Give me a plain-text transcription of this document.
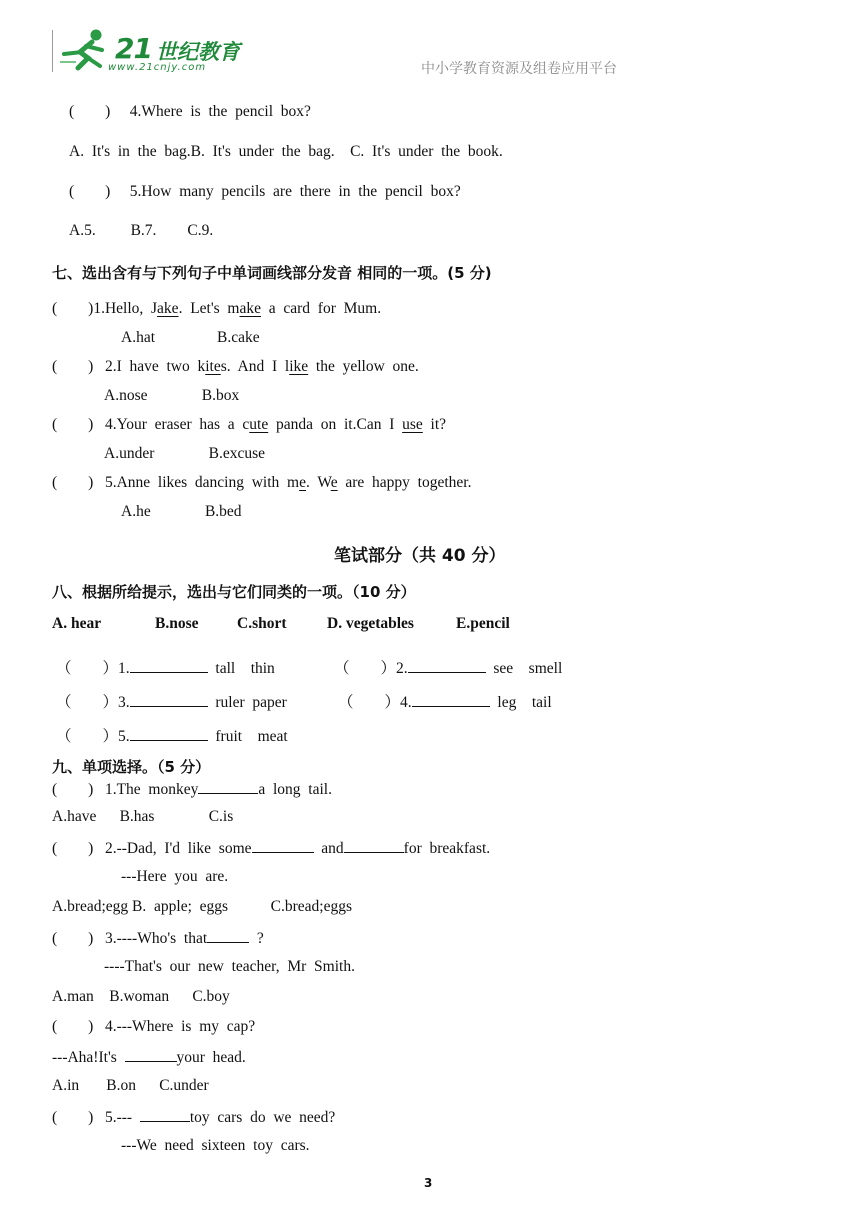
21 世纪教育
www.21cnjy.com	中小学教育资源及组卷应用平台
(        )     4.Where  is  the  pencil  box?
A.  It's  in  the  bag.B.  It's  under  the  bag.    C.  It's  under  the  book.
(        )     5.How  many  pencils  are  there  in  the  pencil  box?
A.5.         B.7.        C.9.
七、选出含有与下列句子中单词画线部分发音 相同的一项。(5 分)
(        )1.Hello,  Jake.  Let's  make  a  card  for  Mum.
A.hat                B.cake
(        )   2.I  have  two  kites.  And  I  like  the  yellow  one.
A.nose              B.box
(        )   4.Your  eraser  has  a  cute  panda  on  it.Can  I  use  it?
A.under              B.excuse
(        )   5.Anne  likes  dancing  with  me.  We  are  happy  together.
A.he              B.bed
笔试部分（共 40 分）
八、根据所给提示，选出与它们同类的一项。（10 分）
A. hear	B.nose C.short	D. vegetables	E.pencil
（        ）1.	tall    thin	（        ）2.	see    smell
（        ）3.	ruler  paper	（        ）4.	leg    tail
（        ）5.	fruit    meat
九、单项选择。（5 分）
(        )   1.The  monkey	a  long  tail.
A.have      B.has              C.is
(        )   2.--Dad,  I'd  like  some	and	for  breakfast.
---Here  you  are.
A.bread;egg B.  apple;  eggs           C.bread;eggs
(        )   3.----Who's  that	?
----That's  our  new  teacher,  Mr  Smith.
A.man    B.woman      C.boy
(        )   4.---Where  is  my  cap?
---Aha!It's	your  head.
A.in       B.on      C.under
(        )   5.---	toy  cars  do  we  need?
---We  need  sixteen  toy  cars.
3
